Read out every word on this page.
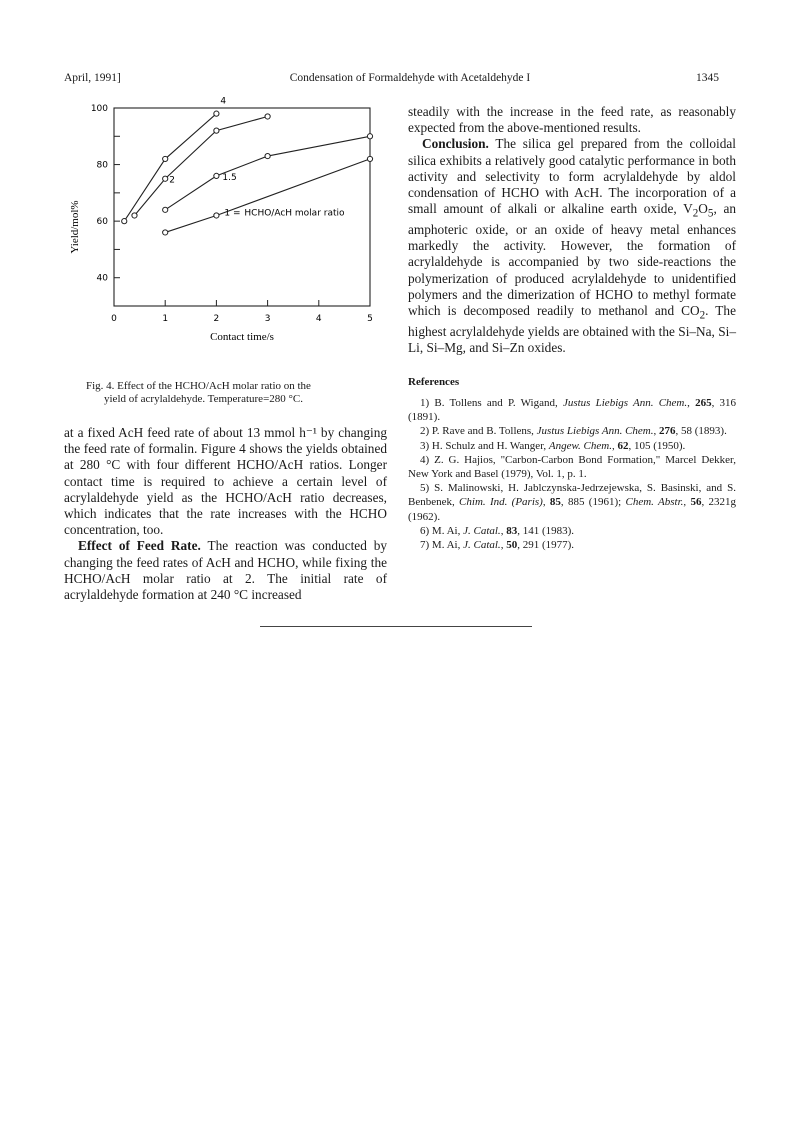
April, 1991]	Condensation of Formaldehyde with Acetaldehyde I	1345
0	1	2	3	4	5
40
60
80
100
Contact time/s
Yield/mol%
4
2	1.5
1 = HCHO/AcH molar ratio
Fig. 4. Effect of the HCHO/AcH molar ratio on the
yield of acrylaldehyde. Temperature=280 °C.

at a fixed AcH feed rate of about 13 mmol h⁻¹ by changing the feed rate of formalin. Figure 4 shows the yields obtained at 280 °C with four different HCHO/AcH ratios. Longer contact time is required to achieve a certain level of acrylaldehyde yield as the HCHO/AcH ratio decreases, which indicates that the rate increases with the HCHO concentration, too.

Effect of Feed Rate. The reaction was conducted by changing the feed rates of AcH and HCHO, while fixing the HCHO/AcH molar ratio at 2. The initial rate of acrylaldehyde formation at 240 °C increased

steadily with the increase in the feed rate, as reasonably expected from the above-mentioned results.

Conclusion. The silica gel prepared from the colloidal silica exhibits a relatively good catalytic performance in both activity and selectivity to form acrylaldehyde by aldol condensation of HCHO with AcH. The incorporation of a small amount of alkali or alkaline earth oxide, $V_2O_5$, an amphoteric oxide, or an oxide of heavy metal enhances markedly the activity. However, the formation of acrylaldehyde is accompanied by two side-reactions the polymerization of produced acrylaldehyde to unidentified polymers and the dimerization of HCHO to methyl formate which is decomposed readily to methanol and $CO_2$. The highest acrylaldehyde yields are obtained with the Si–Na, Si–Li, Si–Mg, and Si–Zn oxides.

References

1) B. Tollens and P. Wigand, Justus Liebigs Ann. Chem., 265, 316 (1891).

2) P. Rave and B. Tollens, Justus Liebigs Ann. Chem., 276, 58 (1893).

3) H. Schulz and H. Wanger, Angew. Chem., 62, 105 (1950).

4) Z. G. Hajios, "Carbon-Carbon Bond Formation," Marcel Dekker, New York and Basel (1979), Vol. 1, p. 1.

5) S. Malinowski, H. Jablczynska-Jedrzejewska, S. Basinski, and S. Benbenek, Chim. Ind. (Paris), 85, 885 (1961); Chem. Abstr., 56, 2321g (1962).

6) M. Ai, J. Catal., 83, 141 (1983).

7) M. Ai, J. Catal., 50, 291 (1977).
